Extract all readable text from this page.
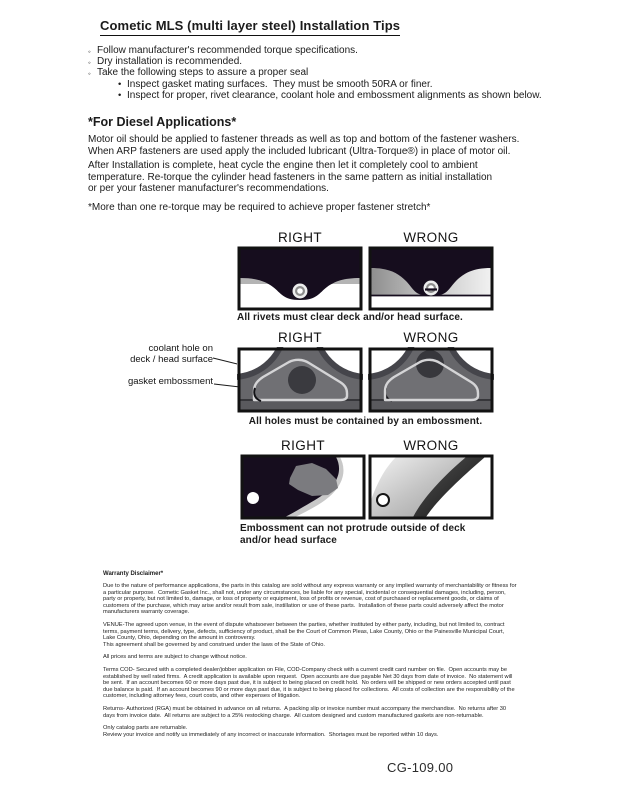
Cometic MLS (multi layer steel) Installation Tips
◦ Follow manufacturer's recommended torque specifications.
◦ Dry installation is recommended.
◦ Take the following steps to assure a proper seal
• Inspect gasket mating surfaces.  They must be smooth 50RA or finer.
• Inspect for proper, rivet clearance, coolant hole and embossment alignments as shown below.
*For Diesel Applications*
Motor oil should be applied to fastener threads as well as top and bottom of the fastener washers.
When ARP fasteners are used apply the included lubricant (Ultra-Torque®) in place of motor oil.
After Installation is complete, heat cycle the engine then let it completely cool to ambient
temperature. Re-torque the cylinder head fasteners in the same pattern as initial installation
or per your fastener manufacturer's recommendations.
*More than one re-torque may be required to achieve proper fastener stretch*
RIGHT	WRONG
All rivets must clear deck and/or head surface.
RIGHT	WRONG
coolant hole on
deck / head surface
gasket embossment
All holes must be contained by an embossment.
RIGHT	WRONG
Embossment can not protrude outside of deck
and/or head surface
Warranty Disclaimer*

Due to the nature of performance applications, the parts in this catalog are sold without any express warranty or any implied warranty of merchantability or fitness for a particular purpose.  Cometic Gasket Inc., shall not, under any circumstances, be liable for any special, incidental or consequential damages, including, person, party or property, but not limited to, damage, or loss of property or equipment, loss of profits or revenue, cost of purchased or replacement goods, or claims of customers of the purchase, which may arise and/or result from sale, instillation or use of these parts.  Installation of these parts could adversely affect the motor manufacturers warranty coverage.

VENUE-The agreed upon venue, in the event of dispute whatsoever between the parties, whether instituted by either party, including, but not limited to, contract terms, payment terms, delivery, type, defects, sufficiency of product, shall be the Court of Common Pleas, Lake County, Ohio or the Painesville Municipal Court, Lake County, Ohio, depending on the amount in controversy.

This agreement shall be governed by and construed under the laws of the State of Ohio.

All prices and terms are subject to change without notice.

Terms COD- Secured with a completed dealer/jobber application on File, COD-Company check with a current credit card number on file.  Open accounts may be established by well rated firms.  A credit application is available upon request.  Open accounts are due payable Net 30 days from date of invoice.  No statement will be sent.  If an account becomes 60 or more days past due, it is subject to being placed on credit hold.  No orders will be shipped or new orders accepted until past due balance is paid.  If an account becomes 90 or more days past due, it is subject to being placed for collections.  All costs of collection are the responsibility of the customer, including attorney fees, court costs, and other expenses of litigation.

Returns- Authorized (RGA) must be obtained in advance on all returns.  A packing slip or invoice number must accompany the merchandise.  No returns after 30 days from invoice date.  All returns are subject to a 25% restocking charge.  All custom designed and custom manufactured gaskets are non-returnable.

Only catalog parts are returnable.

Review your invoice and notify us immediately of any incorrect or inaccurate information.  Shortages must be reported within 10 days.

CG-109.00
